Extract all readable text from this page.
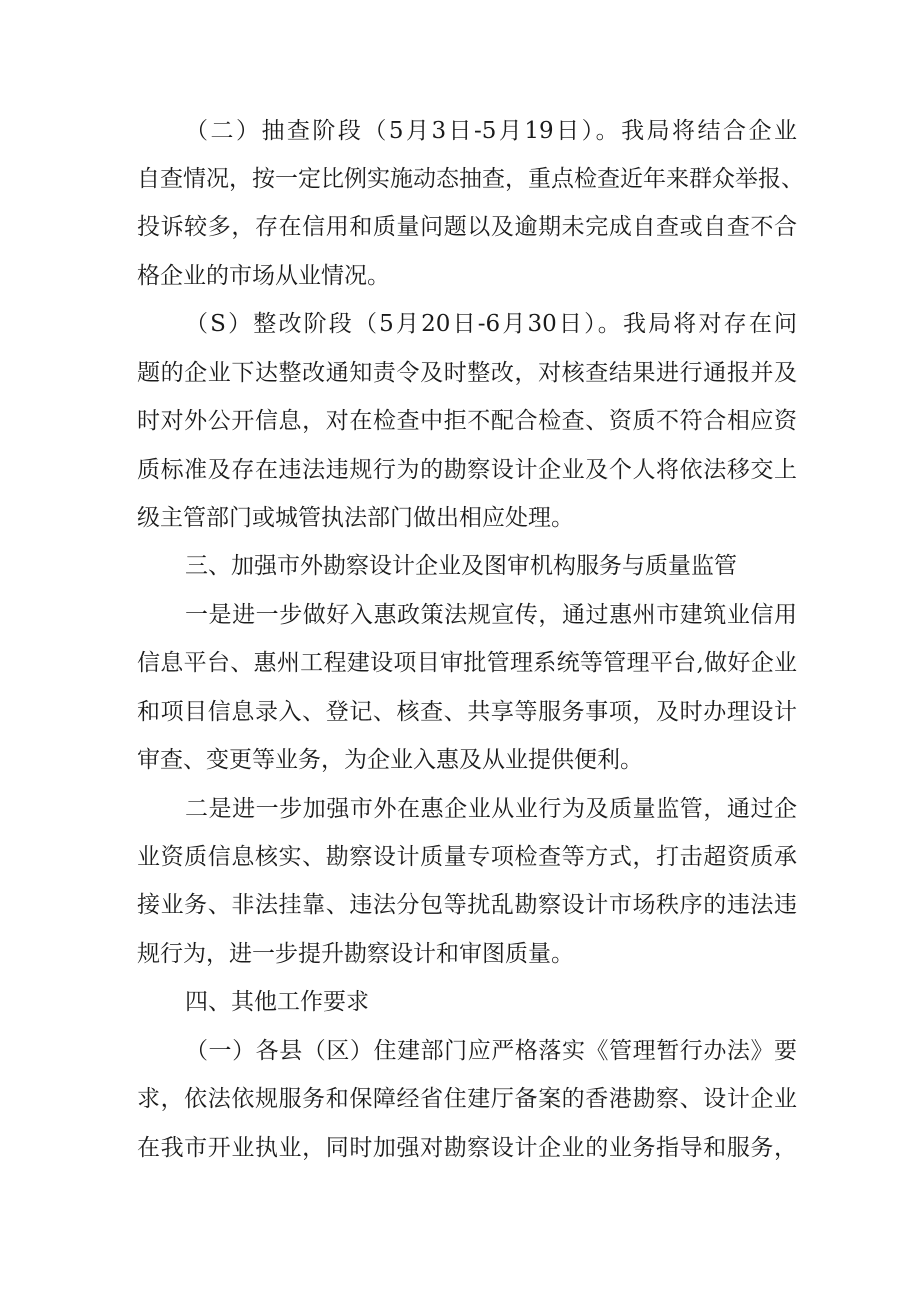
（二）抽查阶段（5月3日-5月19日）。我局将结合企业

自查情况，按一定比例实施动态抽查，重点检查近年来群众举报、

投诉较多，存在信用和质量问题以及逾期未完成自查或自查不合

格企业的市场从业情况。

（S）整改阶段（5月20日-6月30日）。我局将对存在问

题的企业下达整改通知责令及时整改，对核查结果进行通报并及

时对外公开信息，对在检查中拒不配合检查、资质不符合相应资

质标准及存在违法违规行为的勘察设计企业及个人将依法移交上

级主管部门或城管执法部门做出相应处理。

三、加强市外勘察设计企业及图审机构服务与质量监管

一是进一步做好入惠政策法规宣传，通过惠州市建筑业信用

信息平台、惠州工程建设项目审批管理系统等管理平台,做好企业

和项目信息录入、登记、核查、共享等服务事项，及时办理设计

审查、变更等业务，为企业入惠及从业提供便利。

二是进一步加强市外在惠企业从业行为及质量监管，通过企

业资质信息核实、勘察设计质量专项检查等方式，打击超资质承

接业务、非法挂靠、违法分包等扰乱勘察设计市场秩序的违法违

规行为，进一步提升勘察设计和审图质量。

四、其他工作要求

（一）各县（区）住建部门应严格落实《管理暂行办法》要

求，依法依规服务和保障经省住建厅备案的香港勘察、设计企业

在我市开业执业，同时加强对勘察设计企业的业务指导和服务，
